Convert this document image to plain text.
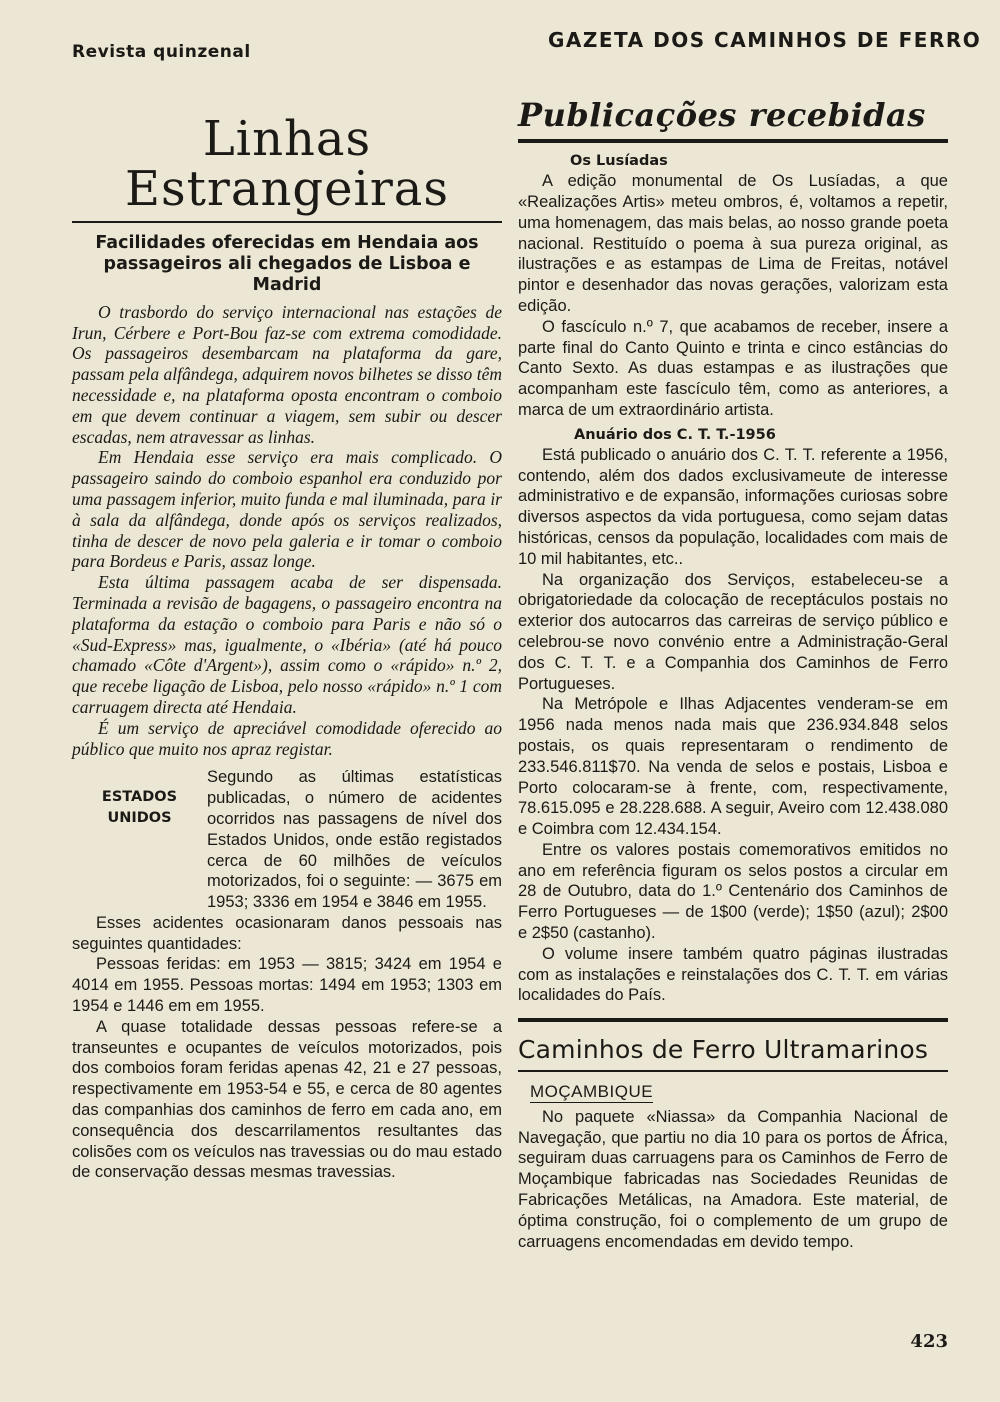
Revista quinzenal	GAZETA DOS CAMINHOS DE FERRO
Linhas Estrangeiras
Facilidades oferecidas em Hendaia aos passageiros ali chegados de Lisboa e Madrid

O trasbordo do serviço internacional nas estações de Irun, Cérbere e Port-Bou faz-se com extrema comodidade. Os passageiros desembarcam na plataforma da gare, passam pela alfândega, adquirem novos bilhetes se disso têm necessidade e, na plataforma oposta encontram o comboio em que devem continuar a viagem, sem subir ou descer escadas, nem atravessar as linhas.

Em Hendaia esse serviço era mais complicado. O passageiro saindo do comboio espanhol era conduzido por uma passagem inferior, muito funda e mal iluminada, para ir à sala da alfândega, donde após os serviços realizados, tinha de descer de novo pela galeria e ir tomar o comboio para Bordeus e Paris, assaz longe.

Esta última passagem acaba de ser dispensada. Terminada a revisão de bagagens, o passageiro encontra na plataforma da estação o comboio para Paris e não só o «Sud-Express» mas, igualmente, o «Ibéria» (até há pouco chamado «Côte d'Argent»), assim como o «rápido» n.º 2, que recebe ligação de Lisboa, pelo nosso «rápido» n.º 1 com carruagem directa até Hendaia.

É um serviço de apreciável comodidade oferecido ao público que muito nos apraz registar.

ESTADOS UNIDOS
Segundo as últimas estatísticas publicadas, o número de acidentes ocorridos nas passagens de nível dos Estados Unidos, onde estão registados cerca de 60 milhões de veículos motorizados, foi o seguinte: — 3675 em 1953; 3336 em 1954 e 3846 em 1955.

Esses acidentes ocasionaram danos pessoais nas seguintes quantidades:

Pessoas feridas: em 1953 — 3815; 3424 em 1954 e 4014 em 1955. Pessoas mortas: 1494 em 1953; 1303 em 1954 e 1446 em em 1955.

A quase totalidade dessas pessoas refere-se a transeuntes e ocupantes de veículos motorizados, pois dos comboios foram feridas apenas 42, 21 e 27 pessoas, respectivamente em 1953-54 e 55, e cerca de 80 agentes das companhias dos caminhos de ferro em cada ano, em consequência dos descarrilamentos resultantes das colisões com os veículos nas travessias ou do mau estado de conservação dessas mesmas travessias.

Publicações recebidas
Os Lusíadas

A edição monumental de Os Lusíadas, a que «Realizações Artis» meteu ombros, é, voltamos a repetir, uma homenagem, das mais belas, ao nosso grande poeta nacional. Restituído o poema à sua pureza original, as ilustrações e as estampas de Lima de Freitas, notável pintor e desenhador das novas gerações, valorizam esta edição.

O fascículo n.º 7, que acabamos de receber, insere a parte final do Canto Quinto e trinta e cinco estâncias do Canto Sexto. As duas estampas e as ilustrações que acompanham este fascículo têm, como as anteriores, a marca de um extraordinário artista.

Anuário dos C. T. T.-1956

Está publicado o anuário dos C. T. T. referente a 1956, contendo, além dos dados exclusivameute de interesse administrativo e de expansão, informações curiosas sobre diversos aspectos da vida portuguesa, como sejam datas históricas, censos da população, localidades com mais de 10 mil habitantes, etc..

Na organização dos Serviços, estabeleceu-se a obrigatoriedade da colocação de receptáculos postais no exterior dos autocarros das carreiras de serviço público e celebrou-se novo convénio entre a Administração-Geral dos C. T. T. e a Companhia dos Caminhos de Ferro Portugueses.

Na Metrópole e Ilhas Adjacentes venderam-se em 1956 nada menos nada mais que 236.934.848 selos postais, os quais representaram o rendimento de 233.546.811$70. Na venda de selos e postais, Lisboa e Porto colocaram-se à frente, com, respectivamente, 78.615.095 e 28.228.688. A seguir, Aveiro com 12.438.080 e Coimbra com 12.434.154.

Entre os valores postais comemorativos emitidos no ano em referência figuram os selos postos a circular em 28 de Outubro, data do 1.º Centenário dos Caminhos de Ferro Portugueses — de 1$00 (verde); 1$50 (azul); 2$00 e 2$50 (castanho).

O volume insere também quatro páginas ilustradas com as instalações e reinstalações dos C. T. T. em várias localidades do País.

Caminhos de Ferro Ultramarinos
MOÇAMBIQUE

No paquete «Niassa» da Companhia Nacional de Navegação, que partiu no dia 10 para os portos de África, seguiram duas carruagens para os Caminhos de Ferro de Moçambique fabricadas nas Sociedades Reunidas de Fabricações Metálicas, na Amadora. Este material, de óptima construção, foi o complemento de um grupo de carruagens encomendadas em devido tempo.

423
